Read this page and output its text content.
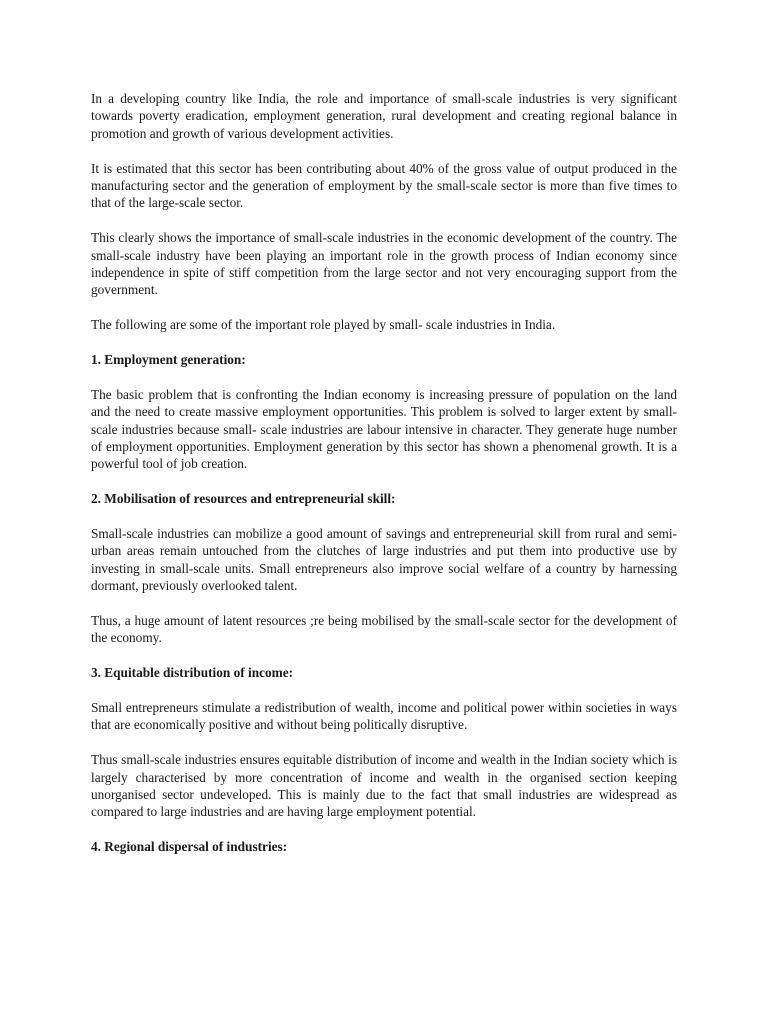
In a developing country like India, the role and importance of small-scale industries is very significant towards poverty eradication, employment generation, rural development and creating regional balance in promotion and growth of various development activities.

It is estimated that this sector has been contributing about 40% of the gross value of output produced in the manufacturing sector and the generation of employment by the small-scale sector is more than five times to that of the large-scale sector.

This clearly shows the importance of small-scale industries in the economic development of the country. The small-scale industry have been playing an important role in the growth process of Indian economy since independence in spite of stiff competition from the large sector and not very encouraging support from the government.

The following are some of the important role played by small- scale industries in India.

1. Employment generation:

The basic problem that is confronting the Indian economy is increasing pressure of population on the land and the need to create massive employment opportunities. This problem is solved to larger extent by small-scale industries because small- scale industries are labour intensive in character. They generate huge number of employment opportunities. Employment generation by this sector has shown a phenomenal growth. It is a powerful tool of job creation.

2. Mobilisation of resources and entrepreneurial skill:

Small-scale industries can mobilize a good amount of savings and entrepreneurial skill from rural and semi-urban areas remain untouched from the clutches of large industries and put them into productive use by investing in small-scale units. Small entrepreneurs also improve social welfare of a country by harnessing dormant, previously overlooked talent.

Thus, a huge amount of latent resources ;re being mobilised by the small-scale sector for the development of the economy.

3. Equitable distribution of income:

Small entrepreneurs stimulate a redistribution of wealth, income and political power within societies in ways that are economically positive and without being politically disruptive.

Thus small-scale industries ensures equitable distribution of income and wealth in the Indian society which is largely characterised by more concentration of income and wealth in the organised section keeping unorganised sector undeveloped. This is mainly due to the fact that small industries are widespread as compared to large industries and are having large employment potential.

4. Regional dispersal of industries:
